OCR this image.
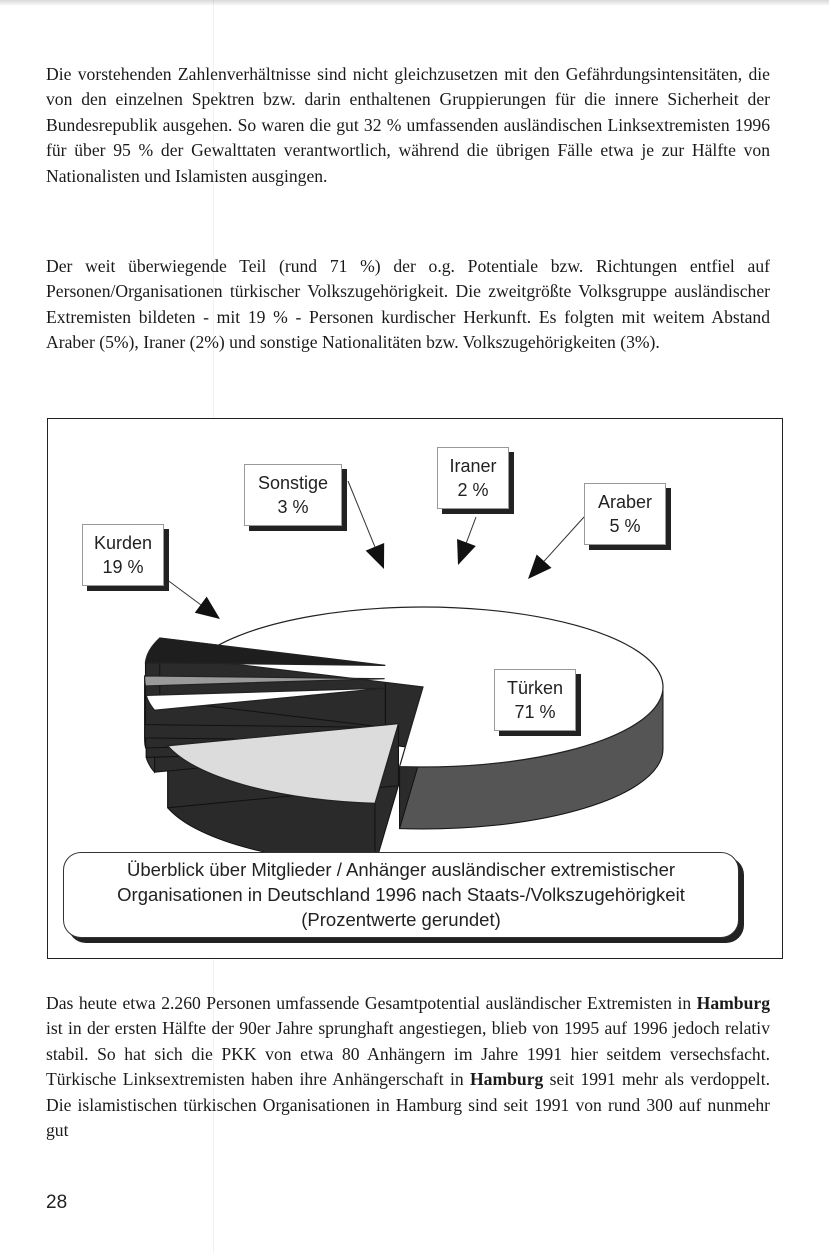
Die vorstehenden Zahlenverhältnisse sind nicht gleichzusetzen mit den Gefährdungsintensitäten, die von den einzelnen Spektren bzw. darin enthaltenen Gruppierungen für die innere Sicherheit der Bundesrepublik ausgehen. So waren die gut 32 % umfassenden ausländischen Linksextremisten 1996 für über 95 % der Gewalttaten verantwortlich, während die übrigen Fälle etwa je zur Hälfte von Nationalisten und Islamisten ausgingen.

Der weit überwiegende Teil (rund 71 %) der o.g. Potentiale bzw. Richtungen entfiel auf Personen/Organisationen türkischer Volkszugehörigkeit. Die zweitgrößte Volksgruppe ausländischer Extremisten bildeten - mit 19 % - Personen kurdischer Herkunft. Es folgten mit weitem Abstand Araber (5%), Iraner (2%) und sonstige Nationalitäten bzw. Volkszugehörigkeiten (3%).

Kurden
19 %
Sonstige
3 %
Iraner
2 %
Araber
5 %
Türken
71 %
Überblick über Mitglieder / Anhänger ausländischer extremistischer
Organisationen in Deutschland 1996 nach Staats-/Volkszugehörigkeit
(Prozentwerte gerundet)

Das heute etwa 2.260 Personen umfassende Gesamtpotential ausländischer Extremisten in Hamburg ist in der ersten Hälfte der 90er Jahre sprunghaft angestiegen, blieb von 1995 auf 1996 jedoch relativ stabil. So hat sich die PKK von etwa 80 Anhängern im Jahre 1991 hier seitdem versechsfacht. Türkische Linksextremisten haben ihre Anhängerschaft in Hamburg seit 1991 mehr als verdoppelt. Die islamistischen türkischen Organisationen in Hamburg sind seit 1991 von rund 300 auf nunmehr gut

28
